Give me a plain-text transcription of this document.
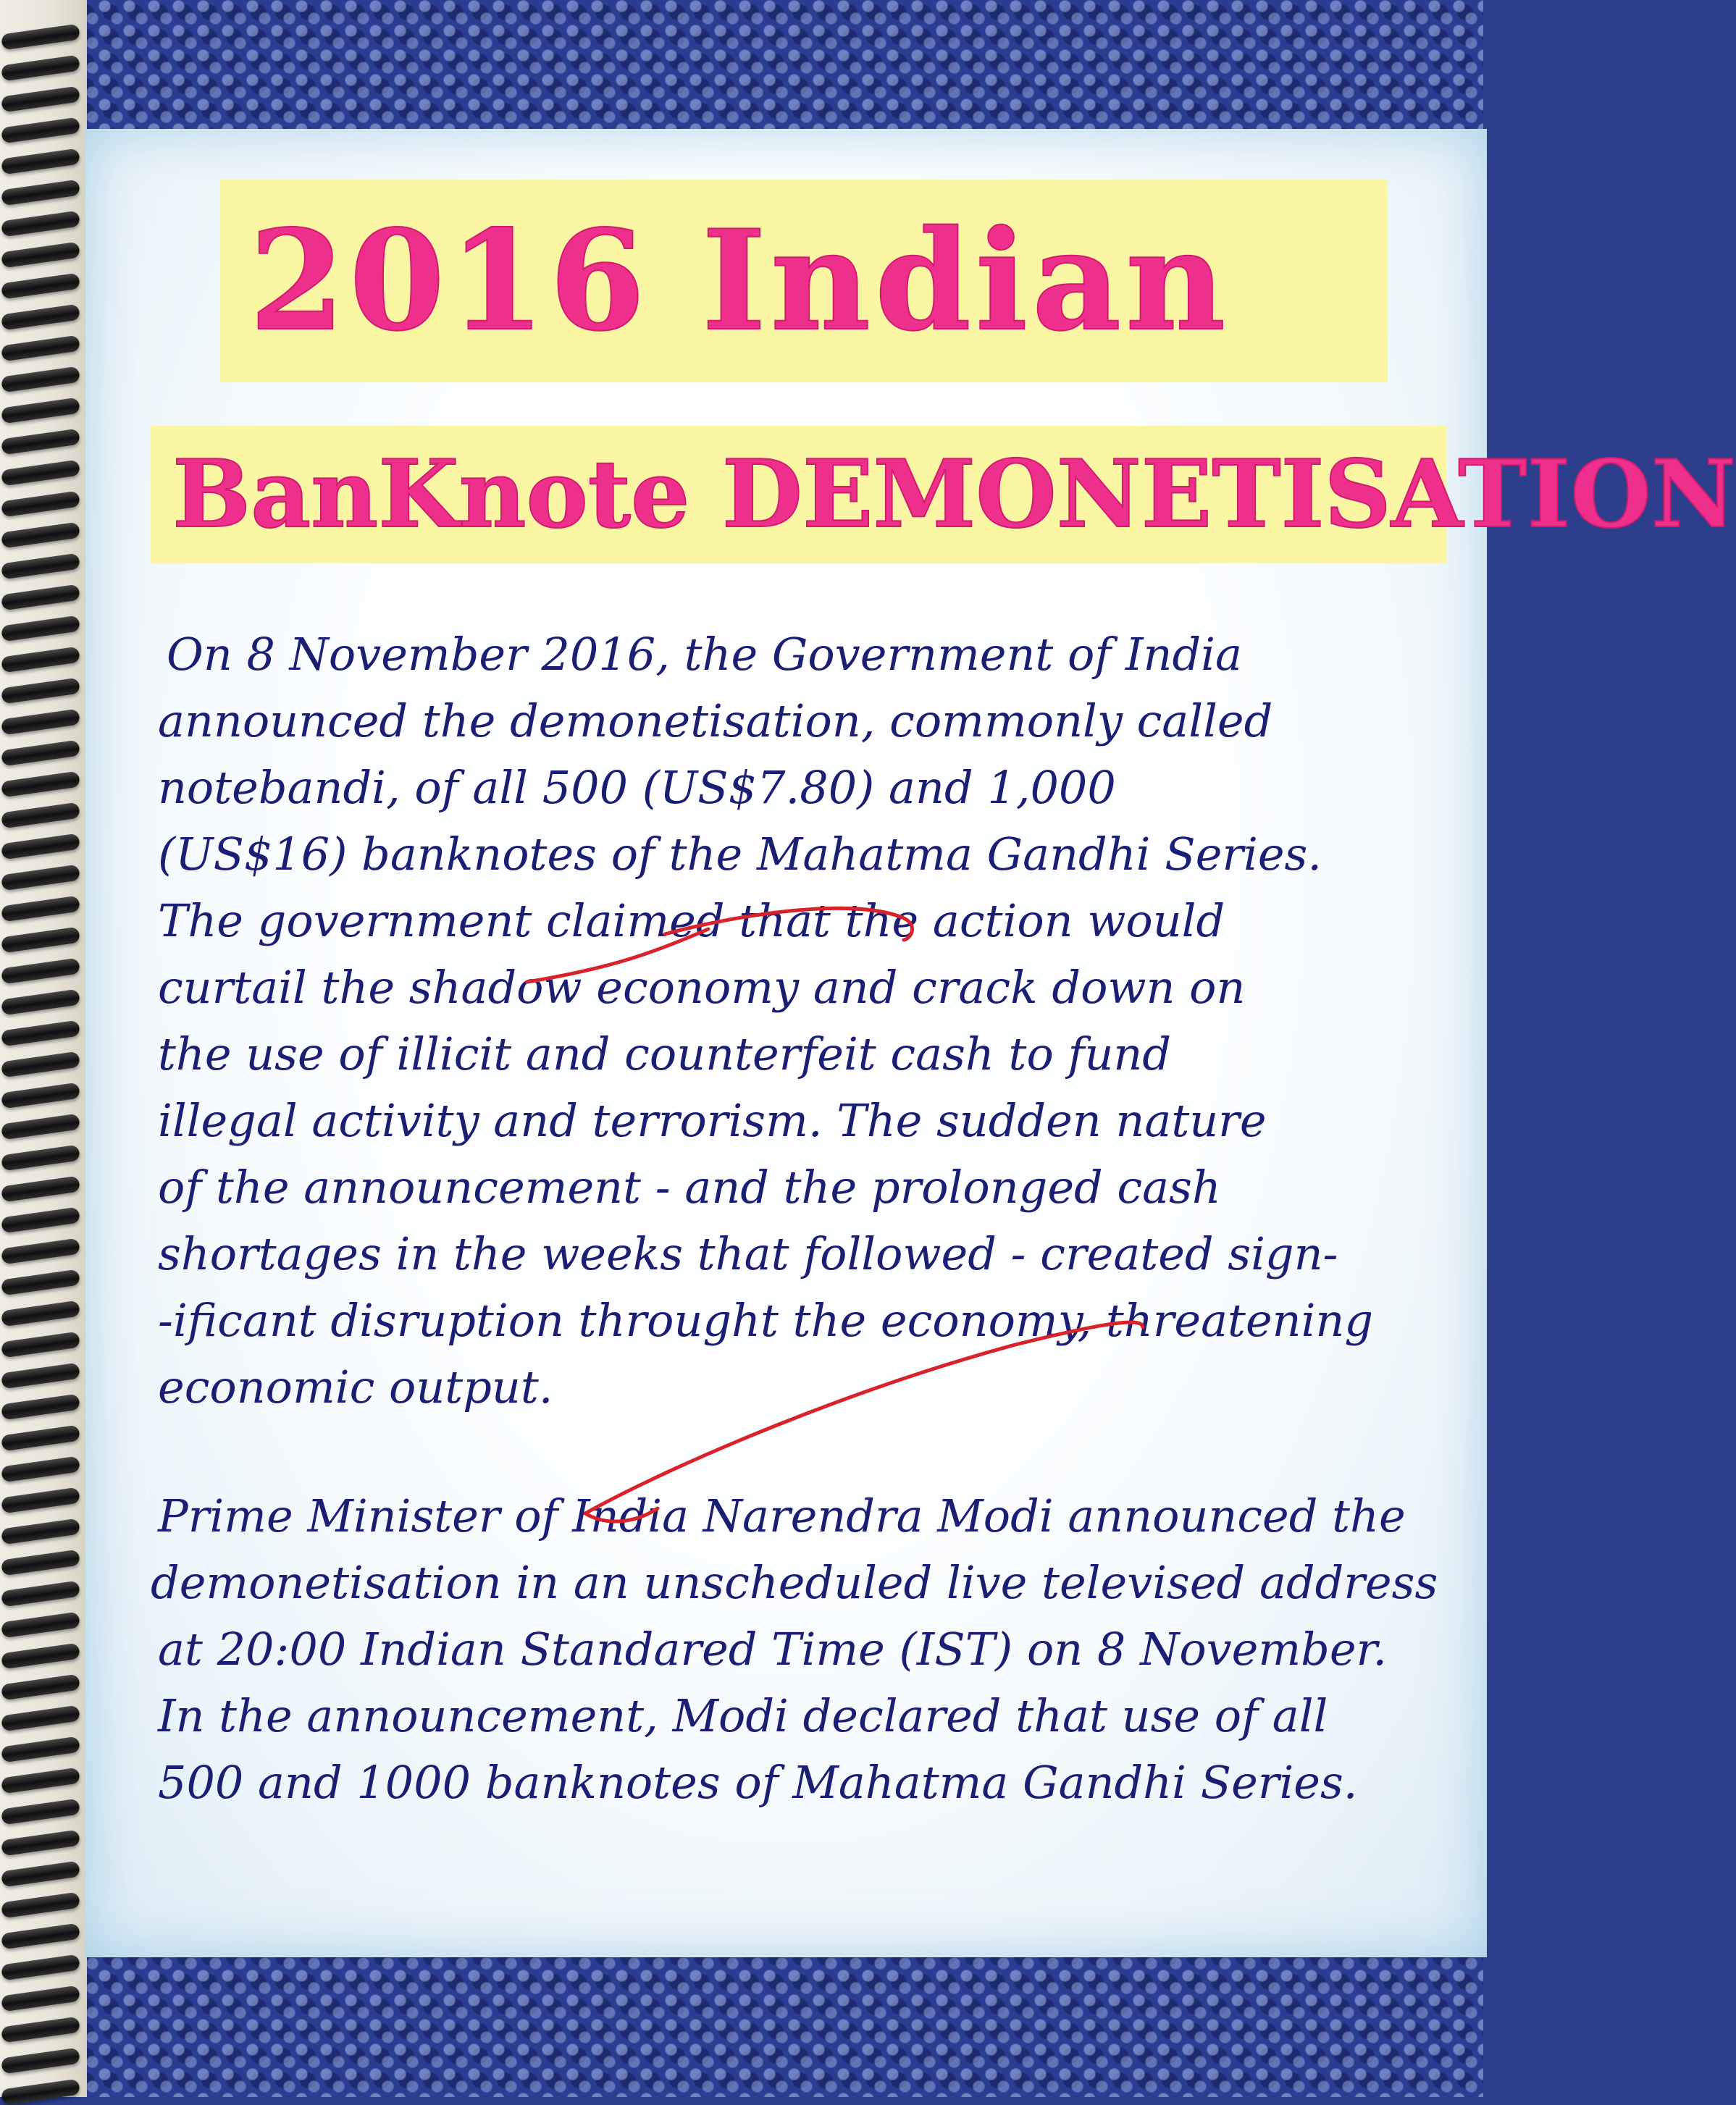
2016 Indian
BanKnote DEMONETISATION
On 8 November 2016, the Government of India
announced the demonetisation, commonly called
notebandi, of all 500 (US$7.80) and 1,000
(US$16) banknotes of the Mahatma Gandhi Series.
The government claimed that the action would
curtail the shadow economy and crack down on
the use of illicit and counterfeit cash to fund
illegal activity and terrorism. The sudden nature
of the announcement - and the prolonged cash
shortages in the weeks that followed - created sign-
-ificant disruption throught the economy, threatening
economic output.
Prime Minister of India Narendra Modi announced the
demonetisation in an unscheduled live televised address
at 20:00 Indian Standared Time (IST) on 8 November.
In the announcement, Modi declared that use of all
500 and 1000 banknotes of Mahatma Gandhi Series.
